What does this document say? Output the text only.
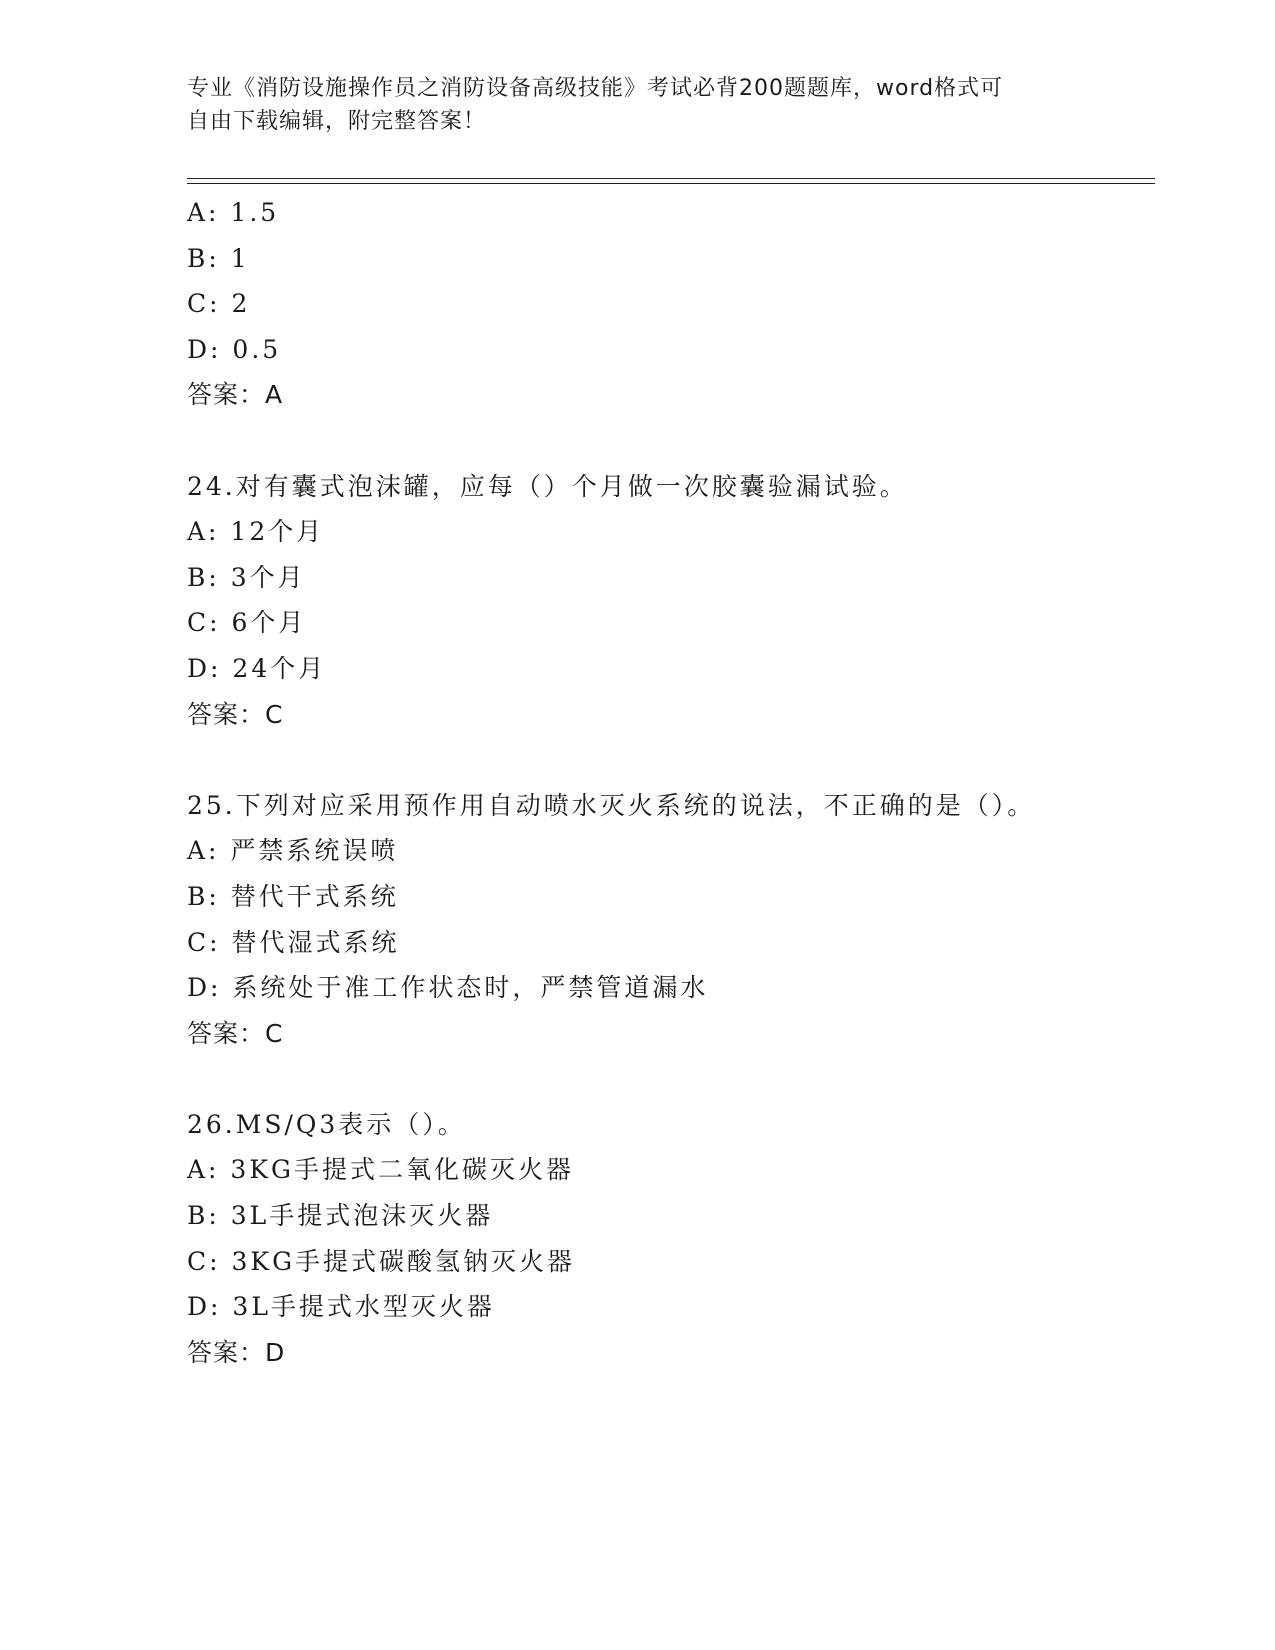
专业《消防设施操作员之消防设备高级技能》考试必背200题题库，word格式可
自由下载编辑，附完整答案！
A: 1.5
B: 1
C: 2
D: 0.5
答案：A
24.对有囊式泡沫罐，应每（）个月做一次胶囊验漏试验。
A: 12个月
B: 3个月
C: 6个月
D: 24个月
答案：C
25.下列对应采用预作用自动喷水灭火系统的说法，不正确的是（）。
A: 严禁系统误喷
B: 替代干式系统
C: 替代湿式系统
D: 系统处于准工作状态时，严禁管道漏水
答案：C
26.MS/Q3表示（）。
A: 3KG手提式二氧化碳灭火器
B: 3L手提式泡沫灭火器
C: 3KG手提式碳酸氢钠灭火器
D: 3L手提式水型灭火器
答案：D
